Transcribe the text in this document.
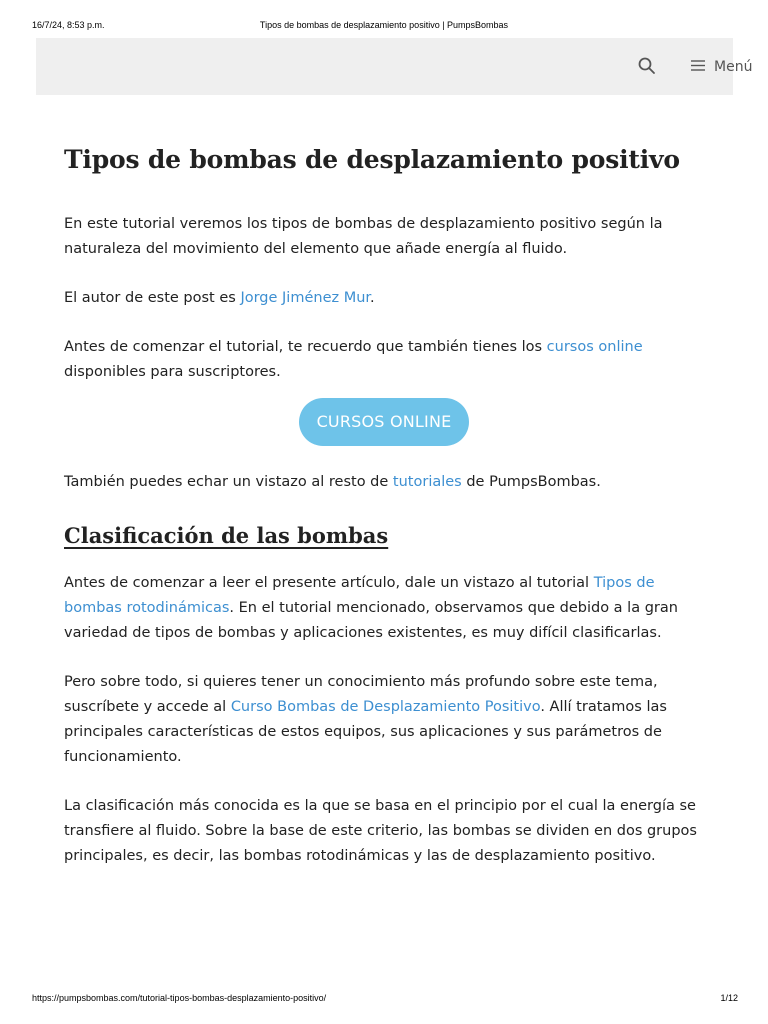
16/7/24, 8:53 p.m.	Tipos de bombas de desplazamiento positivo | PumpsBombas
Menú
Tipos de bombas de desplazamiento positivo

En este tutorial veremos los tipos de bombas de desplazamiento positivo según la naturaleza del movimiento del elemento que añade energía al fluido.

El autor de este post es Jorge Jiménez Mur.

Antes de comenzar el tutorial, te recuerdo que también tienes los cursos online disponibles para suscriptores.

CURSOS ONLINE

También puedes echar un vistazo al resto de tutoriales de PumpsBombas.

Clasificación de las bombas

Antes de comenzar a leer el presente artículo, dale un vistazo al tutorial Tipos de bombas rotodinámicas. En el tutorial mencionado, observamos que debido a la gran variedad de tipos de bombas y aplicaciones existentes, es muy difícil clasificarlas.

Pero sobre todo, si quieres tener un conocimiento más profundo sobre este tema, suscríbete y accede al Curso Bombas de Desplazamiento Positivo. Allí tratamos las principales características de estos equipos, sus aplicaciones y sus parámetros de funcionamiento.

La clasificación más conocida es la que se basa en el principio por el cual la energía se transfiere al fluido. Sobre la base de este criterio, las bombas se dividen en dos grupos principales, es decir, las bombas rotodinámicas y las de desplazamiento positivo.

https://pumpsbombas.com/tutorial-tipos-bombas-desplazamiento-positivo/	1/12
